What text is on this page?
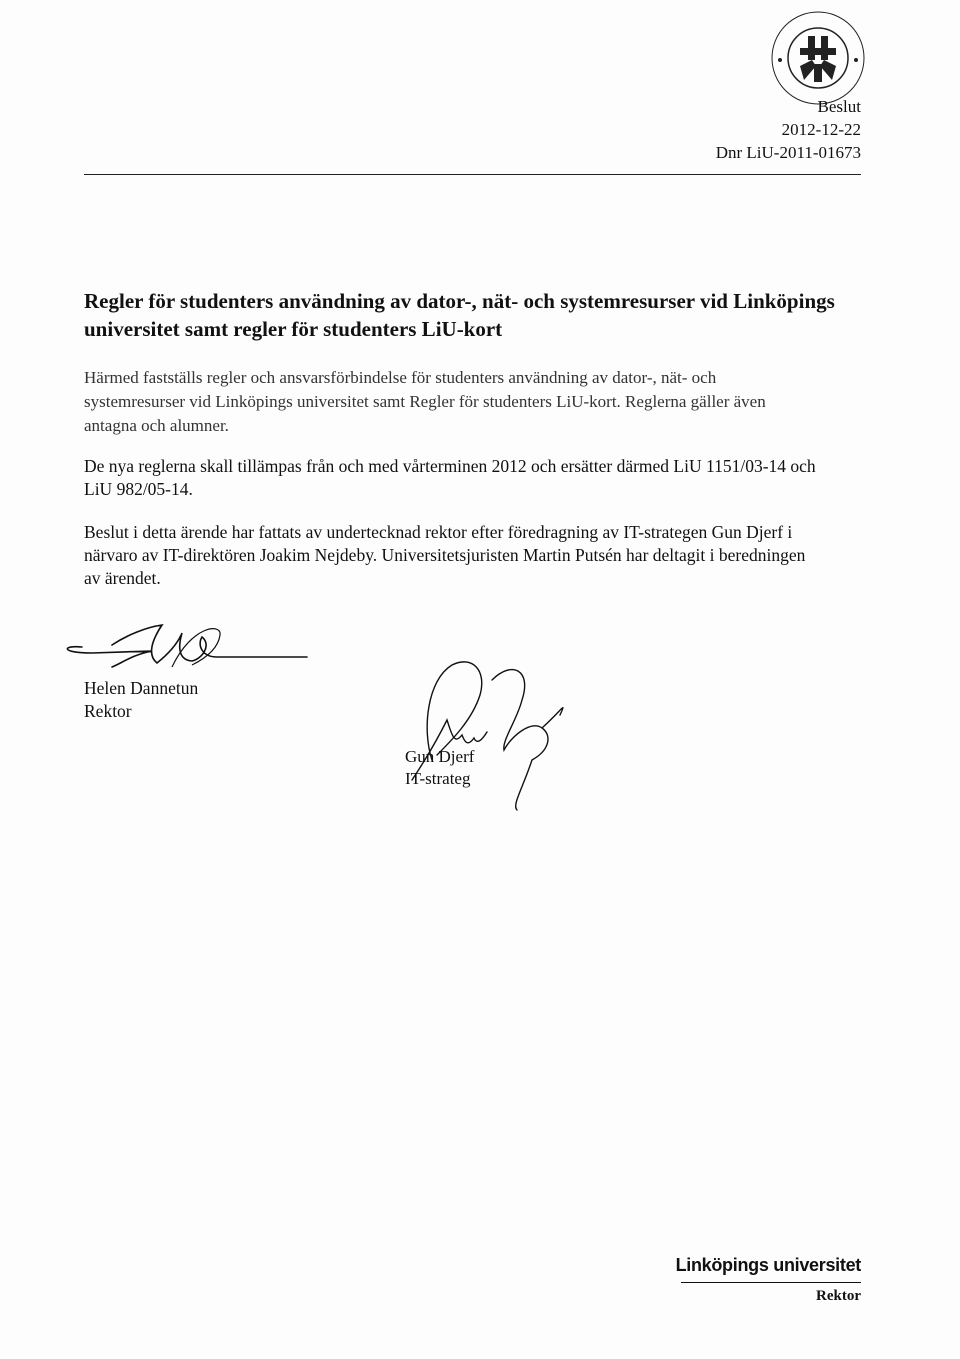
Beslut
2012-12-22
Dnr LiU-2011-01673
Regler för studenters användning av dator-, nät- och systemresurser vid Linköpings
universitet samt regler för studenters LiU-kort

Härmed fastställs regler och ansvarsförbindelse för studenters användning av dator-, nät- och
systemresurser vid Linköpings universitet samt Regler för studenters LiU-kort. Reglerna gäller även
antagna och alumner.

De nya reglerna skall tillämpas från och med vårterminen 2012 och ersätter därmed LiU 1151/03-14 och
LiU 982/05-14.

Beslut i detta ärende har fattats av undertecknad rektor efter föredragning av IT-strategen Gun Djerf i
närvaro av IT-direktören Joakim Nejdeby. Universitetsjuristen Martin Putsén har deltagit i beredningen
av ärendet.

Helen Dannetun
Rektor
Gun Djerf
IT-strateg
Linköpings universitet
Rektor
